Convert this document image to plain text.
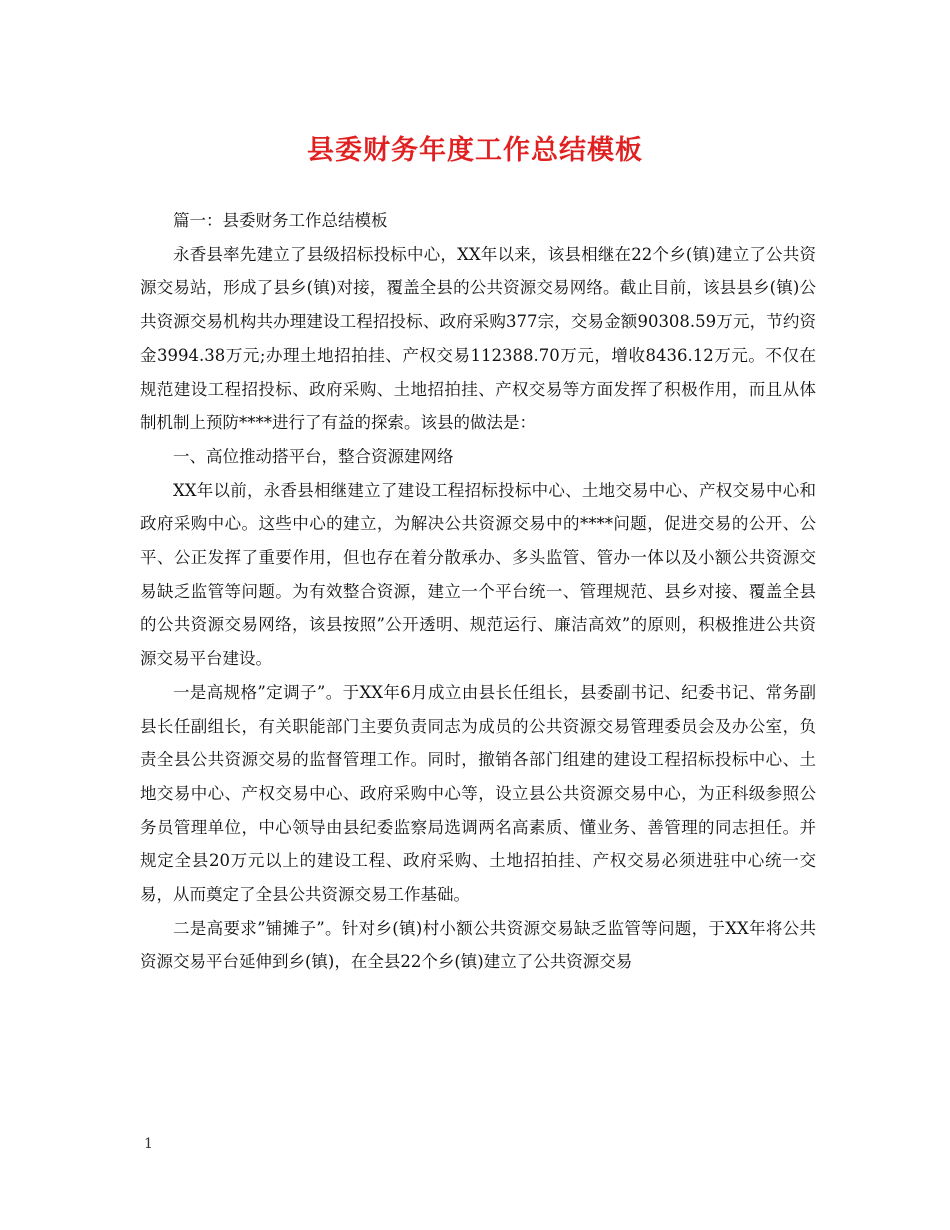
县委财务年度工作总结模板

篇一：县委财务工作总结模板

永香县率先建立了县级招标投标中心，XX年以来，该县相继在22个乡(镇)建立了公共资源交易站，形成了县乡(镇)对接，覆盖全县的公共资源交易网络。截止目前，该县县乡(镇)公共资源交易机构共办理建设工程招投标、政府采购377宗，交易金额90308.59万元，节约资金3994.38万元;办理土地招拍挂、产权交易112388.70万元，增收8436.12万元。不仅在规范建设工程招投标、政府采购、土地招拍挂、产权交易等方面发挥了积极作用，而且从体制机制上预防****进行了有益的探索。该县的做法是：

一、高位推动搭平台，整合资源建网络

XX年以前，永香县相继建立了建设工程招标投标中心、土地交易中心、产权交易中心和政府采购中心。这些中心的建立，为解决公共资源交易中的****问题，促进交易的公开、公平、公正发挥了重要作用，但也存在着分散承办、多头监管、管办一体以及小额公共资源交易缺乏监管等问题。为有效整合资源，建立一个平台统一、管理规范、县乡对接、覆盖全县的公共资源交易网络，该县按照”公开透明、规范运行、廉洁高效”的原则，积极推进公共资源交易平台建设。

一是高规格”定调子”。于XX年6月成立由县长任组长，县委副书记、纪委书记、常务副县长任副组长，有关职能部门主要负责同志为成员的公共资源交易管理委员会及办公室，负责全县公共资源交易的监督管理工作。同时，撤销各部门组建的建设工程招标投标中心、土地交易中心、产权交易中心、政府采购中心等，设立县公共资源交易中心，为正科级参照公务员管理单位，中心领导由县纪委监察局选调两名高素质、懂业务、善管理的同志担任。并规定全县20万元以上的建设工程、政府采购、土地招拍挂、产权交易必须进驻中心统一交易，从而奠定了全县公共资源交易工作基础。

二是高要求”铺摊子”。针对乡(镇)村小额公共资源交易缺乏监管等问题，于XX年将公共资源交易平台延伸到乡(镇)，在全县22个乡(镇)建立了公共资源交易

1
